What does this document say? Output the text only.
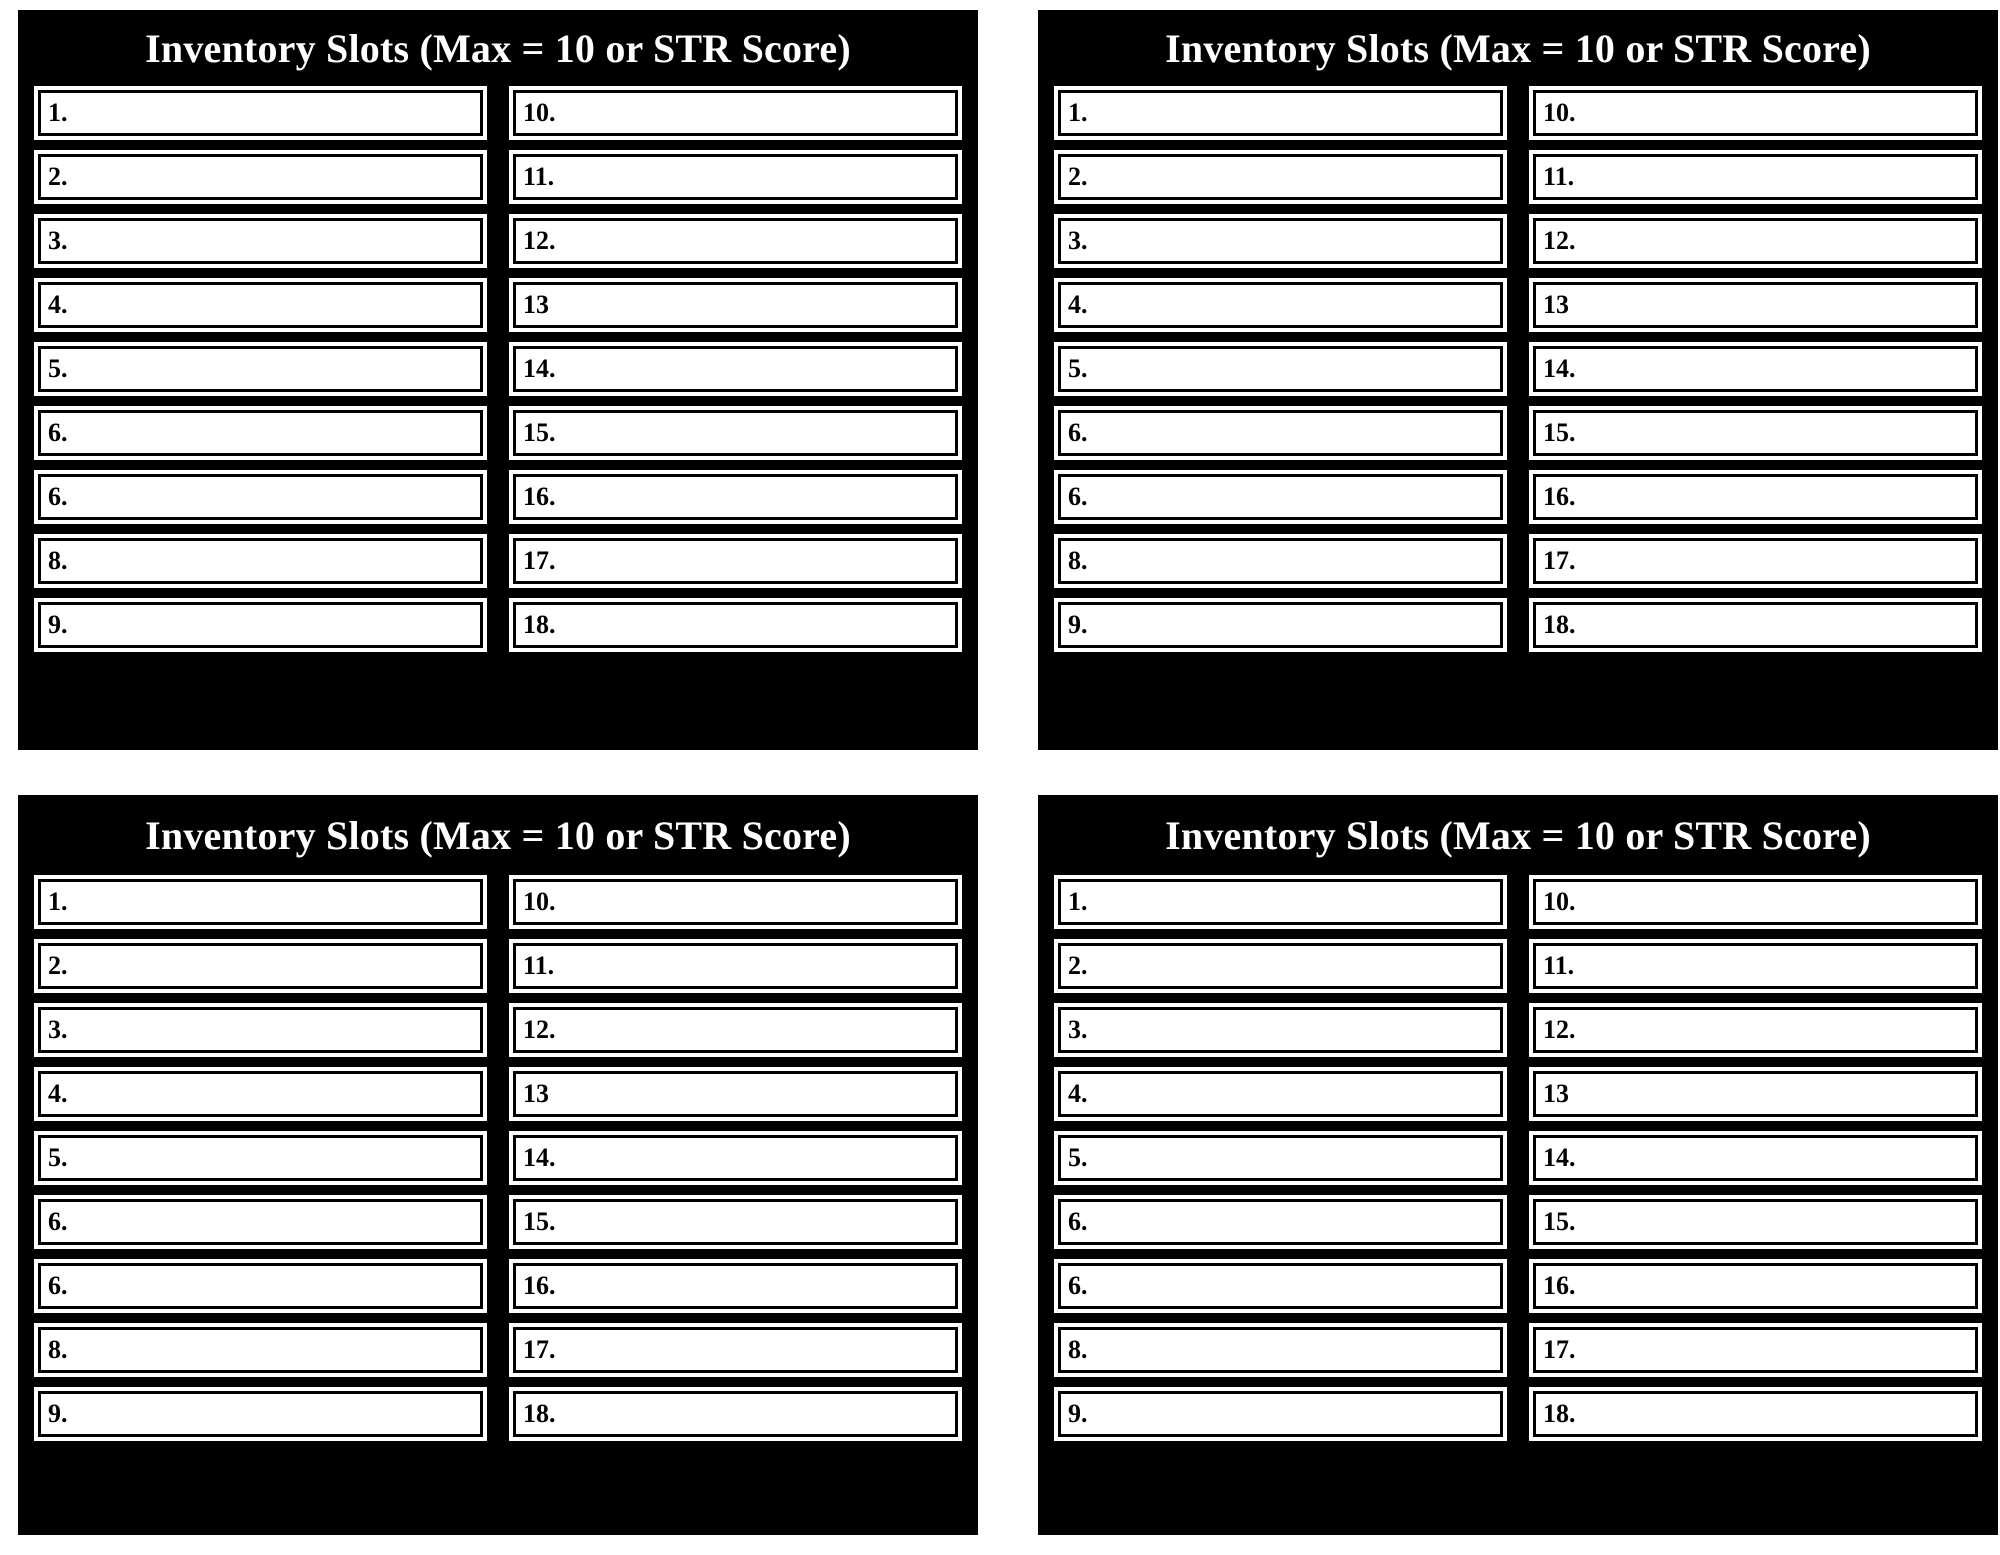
Inventory Slots (Max = 10 or STR Score)
1.
2.
3.
4.
5.
6.
6.
8.
9.
10.
11.
12.
13
14.
15.
16.
17.
18.
Inventory Slots (Max = 10 or STR Score)
1.
2.
3.
4.
5.
6.
6.
8.
9.
10.
11.
12.
13
14.
15.
16.
17.
18.
Inventory Slots (Max = 10 or STR Score)
1.
2.
3.
4.
5.
6.
6.
8.
9.
10.
11.
12.
13
14.
15.
16.
17.
18.
Inventory Slots (Max = 10 or STR Score)
1.
2.
3.
4.
5.
6.
6.
8.
9.
10.
11.
12.
13
14.
15.
16.
17.
18.
